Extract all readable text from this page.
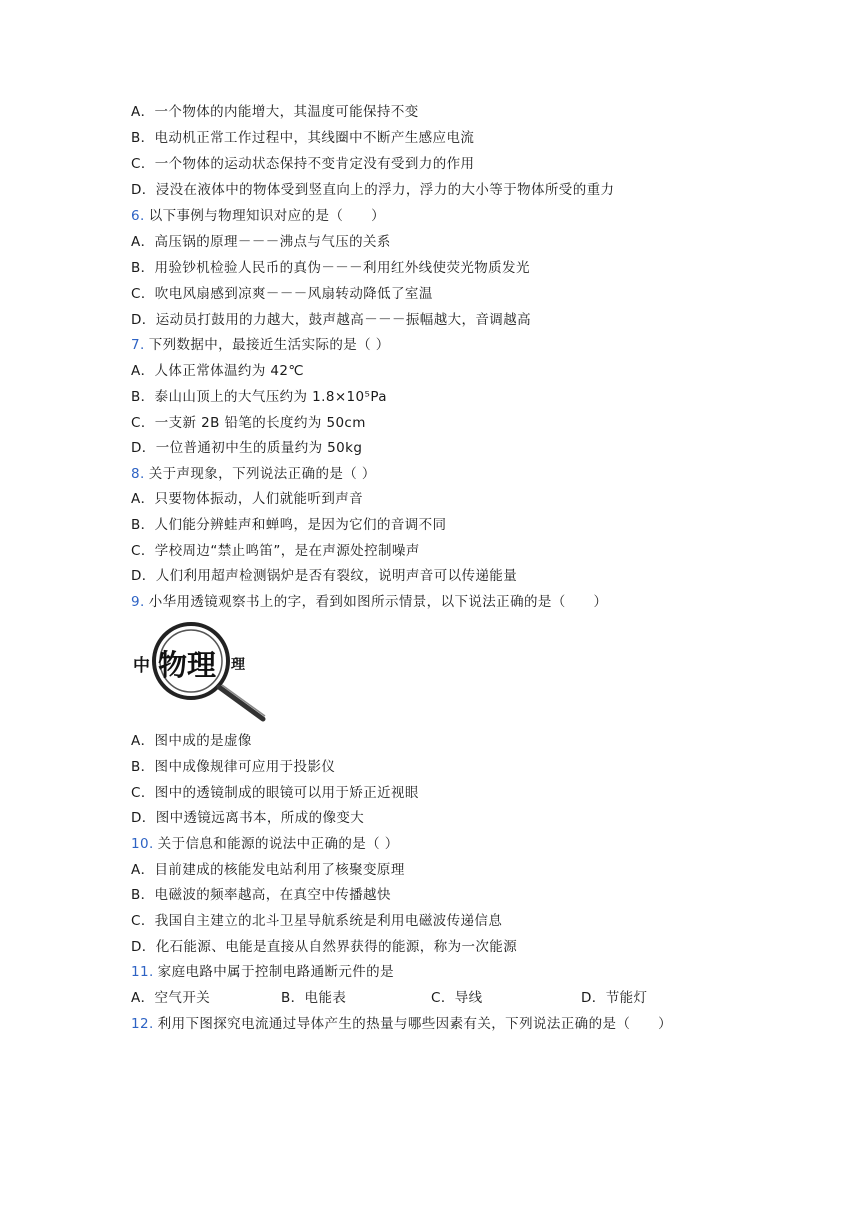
A．一个物体的内能增大，其温度可能保持不变
B．电动机正常工作过程中，其线圈中不断产生感应电流
C．一个物体的运动状态保持不变肯定没有受到力的作用
D．浸没在液体中的物体受到竖直向上的浮力，浮力的大小等于物体所受的重力
6. 以下事例与物理知识对应的是（　　）
A．高压锅的原理－－－沸点与气压的关系
B．用验钞机检验人民币的真伪－－－利用红外线使荧光物质发光
C．吹电风扇感到凉爽－－－风扇转动降低了室温
D．运动员打鼓用的力越大，鼓声越高－－－振幅越大，音调越高
7. 下列数据中，最接近生活实际的是（ ）
A．人体正常体温约为 42℃
B．泰山山顶上的大气压约为 1.8×10⁵Pa
C．一支新 2B 铅笔的长度约为 50cm
D．一位普通初中生的质量约为 50kg
8. 关于声现象，下列说法正确的是（ ）
A．只要物体振动，人们就能听到声音
B．人们能分辨蛙声和蝉鸣，是因为它们的音调不同
C．学校周边“禁止鸣笛”，是在声源处控制噪声
D．人们利用超声检测锅炉是否有裂纹，说明声音可以传递能量
9. 小华用透镜观察书上的字，看到如图所示情景，以下说法正确的是（　　）
中 物理 理
A．图中成的是虚像
B．图中成像规律可应用于投影仪
C．图中的透镜制成的眼镜可以用于矫正近视眼
D．图中透镜远离书本，所成的像变大
10. 关于信息和能源的说法中正确的是（ ）
A．目前建成的核能发电站利用了核聚变原理
B．电磁波的频率越高，在真空中传播越快
C．我国自主建立的北斗卫星导航系统是利用电磁波传递信息
D．化石能源、电能是直接从自然界获得的能源，称为一次能源
11. 家庭电路中属于控制电路通断元件的是
A．空气开关	B．电能表	C．导线	D．节能灯
12. 利用下图探究电流通过导体产生的热量与哪些因素有关，下列说法正确的是（　　）
